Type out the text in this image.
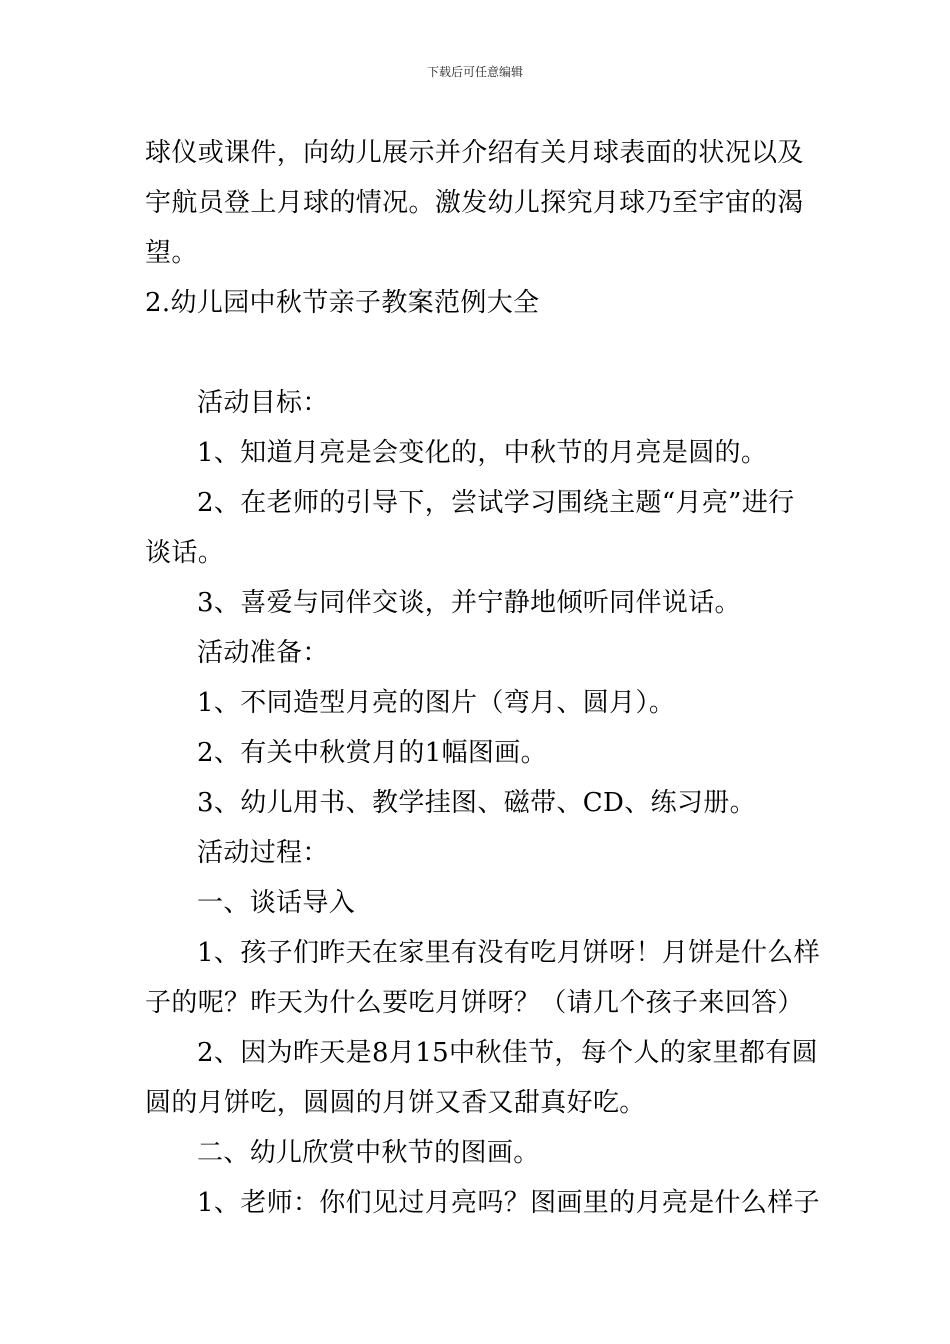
下载后可任意编辑
球仪或课件，向幼儿展示并介绍有关月球表面的状况以及
宇航员登上月球的情况。激发幼儿探究月球乃至宇宙的渴
望。
2.幼儿园中秋节亲子教案范例大全
活动目标：
1、知道月亮是会变化的，中秋节的月亮是圆的。
2、在老师的引导下，尝试学习围绕主题“月亮”进行
谈话。
3、喜爱与同伴交谈，并宁静地倾听同伴说话。
活动准备：
1、不同造型月亮的图片（弯月、圆月）。
2、有关中秋赏月的1幅图画。
3、幼儿用书、教学挂图、磁带、CD、练习册。
活动过程：
一、谈话导入
1、孩子们昨天在家里有没有吃月饼呀！月饼是什么样
子的呢？昨天为什么要吃月饼呀？（请几个孩子来回答）
2、因为昨天是8月15中秋佳节，每个人的家里都有圆
圆的月饼吃，圆圆的月饼又香又甜真好吃。
二、幼儿欣赏中秋节的图画。
1、老师：你们见过月亮吗？图画里的月亮是什么样子
